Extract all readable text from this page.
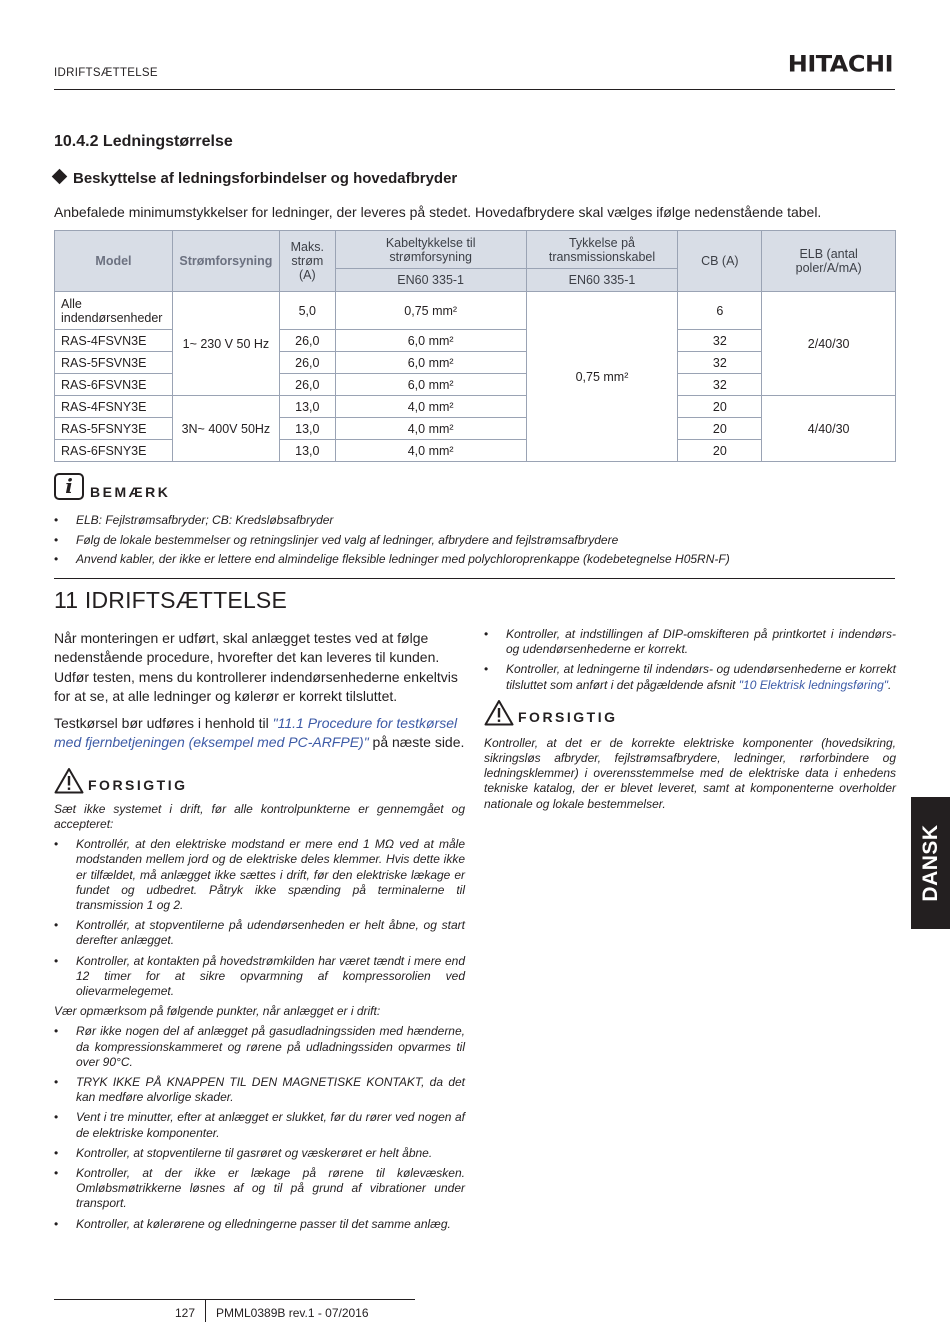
IDRIFTSÆTTELSE	HITACHI
10.4.2 Ledningstørrelse
Beskyttelse af ledningsforbindelser og hovedafbryder
Anbefalede minimumstykkelser for ledninger, der leveres på stedet. Hovedafbrydere skal vælges ifølge nedenstående tabel.
Model	Strømforsyning	Maks. strøm (A)	Kabeltykkelse til strømforsyning	Tykkelse på transmissionskabel	CB (A)	ELB (antal poler/A/mA)
			EN60 335-1	EN60 335-1		
Alle indendørsenheder	1~ 230 V 50 Hz	5,0	0,75 mm²	0,75 mm²	6	2/40/30
RAS-4FSVN3E		26,0	6,0 mm²		32	
RAS-5FSVN3E		26,0	6,0 mm²		32	
RAS-6FSVN3E		26,0	6,0 mm²		32	
RAS-4FSNY3E	3N~ 400V 50Hz	13,0	4,0 mm²		20	4/40/30
RAS-5FSNY3E		13,0	4,0 mm²		20	
RAS-6FSNY3E		13,0	4,0 mm²		20	
i	BEMÆRK
• ELB: Fejlstrømsafbryder; CB: Kredsløbsafbryder
• Følg de lokale bestemmelser og retningslinjer ved valg af ledninger, afbrydere and fejlstrømsafbrydere
• Anvend kabler, der ikke er lettere end almindelige fleksible ledninger med polychloroprenkappe (kodebetegnelse H05RN-F)
11 IDRIFTSÆTTELSE

Når monteringen er udført, skal anlægget testes ved at følge nedenstående procedure, hvorefter det kan leveres til kunden. Udfør testen, mens du kontrollerer indendørsenhederne enkeltvis for at se, at alle ledninger og kølerør er korrekt tilsluttet.

Testkørsel bør udføres i henhold til "11.1 Procedure for testkørsel med fjernbetjeningen (eksempel med PC-ARFPE)" på næste side.

FORSIGTIG

Sæt ikke systemet i drift, før alle kontrolpunkterne er gennemgået og accepteret:

• Kontrollér, at den elektriske modstand er mere end 1 MΩ ved at måle modstanden mellem jord og de elektriske deles klemmer. Hvis dette ikke er tilfældet, må anlægget ikke sættes i drift, før den elektriske lækage er fundet og udbedret. Påtryk ikke spænding på terminalerne til transmission 1 og 2.
• Kontrollér, at stopventilerne på udendørsenheden er helt åbne, og start derefter anlægget.
• Kontroller, at kontakten på hovedstrømkilden har været tændt i mere end 12 timer for at sikre opvarmning af kompressorolien ved olievarmelegemet.

Vær opmærksom på følgende punkter, når anlægget er i drift:

• Rør ikke nogen del af anlægget på gasudladningssiden med hænderne, da kompressionskammeret og rørene på udladningssiden opvarmes til over 90°C.
• TRYK IKKE PÅ KNAPPEN TIL DEN MAGNETISKE KONTAKT, da det kan medføre alvorlige skader.
• Vent i tre minutter, efter at anlægget er slukket, før du rører ved nogen af de elektriske komponenter.
• Kontroller, at stopventilerne til gasrøret og væskerøret er helt åbne.
• Kontroller, at der ikke er lækage på rørene til kølevæsken. Omløbsmøtrikkerne løsnes af og til på grund af vibrationer under transport.
• Kontroller, at kølerørene og elledningerne passer til det samme anlæg.
• Kontroller, at indstillingen af DIP-omskifteren på printkortet i indendørs- og udendørsenhederne er korrekt.
• Kontroller, at ledningerne til indendørs- og udendørsenhederne er korrekt tilsluttet som anført i det pågældende afsnit "10 Elektrisk ledningsføring".
FORSIGTIG

Kontroller, at det er de korrekte elektriske komponenter (hovedsikring, sikringsløs afbryder, fejlstrømsafbrydere, ledninger, rørforbindere og ledningsklemmer) i overensstemmelse med de elektriske data i enhedens tekniske katalog, der er blevet leveret, samt at komponenterne overholder nationale og lokale bestemmelser.

DANSK
127 PMML0389B rev.1 - 07/2016
